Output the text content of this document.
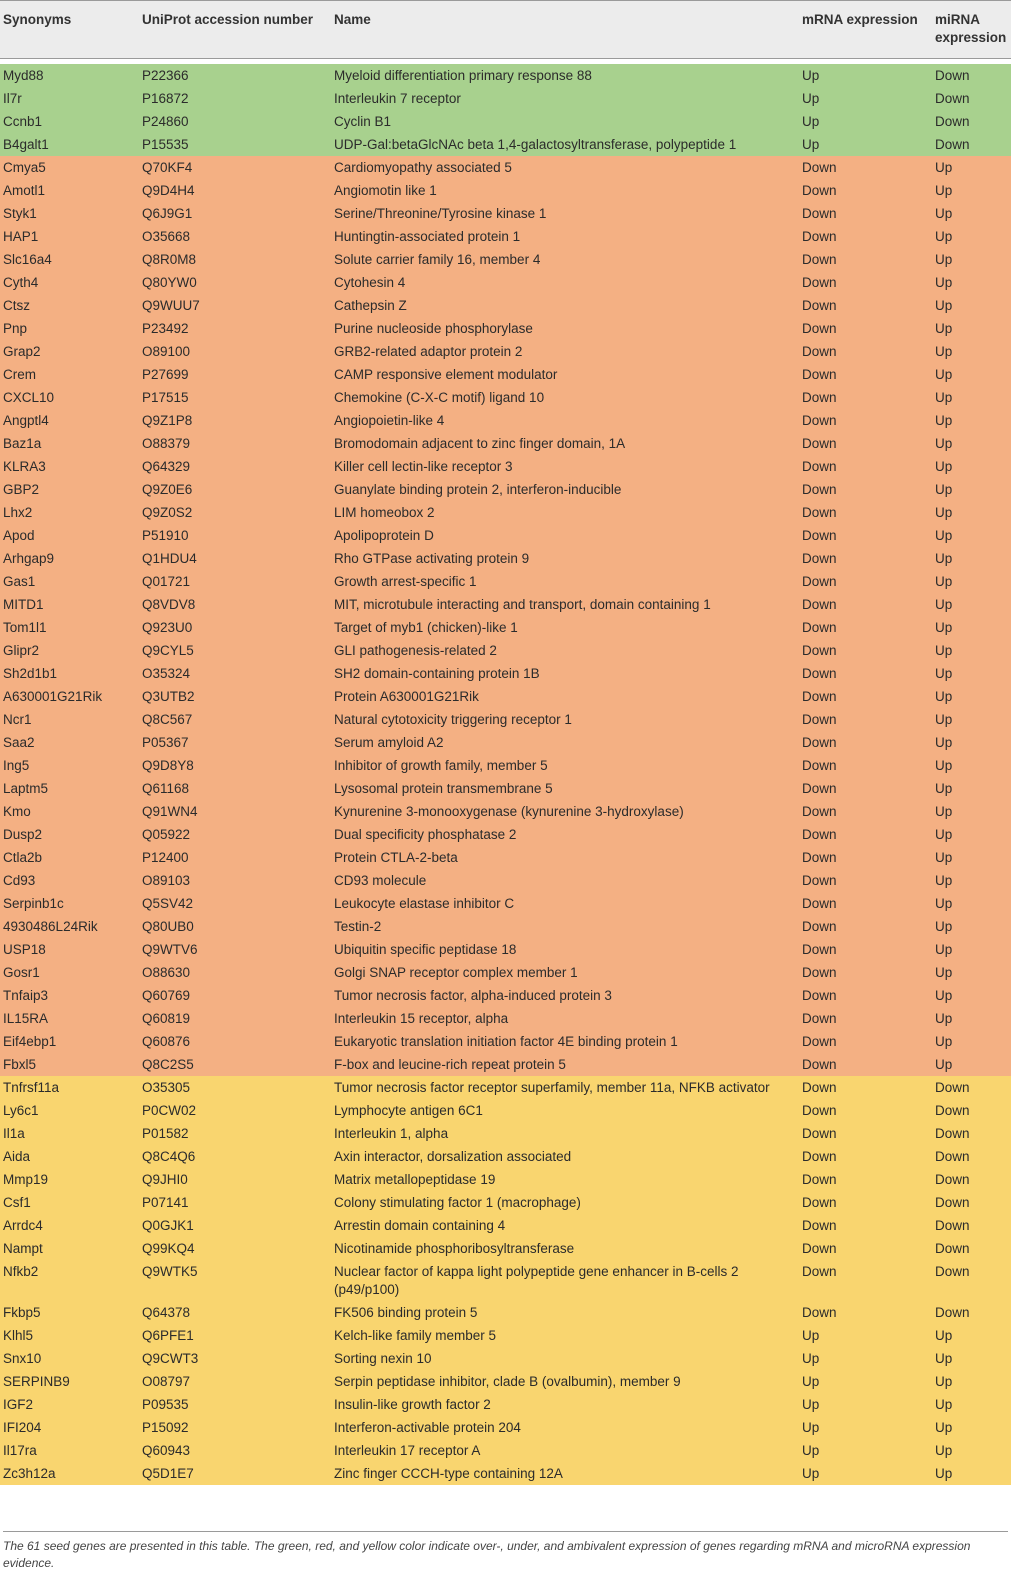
Synonyms	UniProt accession number	Name	mRNA expression	miRNA expression

Myd88	P22366	Myeloid differentiation primary response 88	Up	Down
Il7r	P16872	Interleukin 7 receptor	Up	Down
Ccnb1	P24860	Cyclin B1	Up	Down
B4galt1	P15535	UDP-Gal:betaGlcNAc beta 1,4-galactosyltransferase, polypeptide 1	Up	Down
Cmya5	Q70KF4	Cardiomyopathy associated 5	Down	Up
Amotl1	Q9D4H4	Angiomotin like 1	Down	Up
Styk1	Q6J9G1	Serine/Threonine/Tyrosine kinase 1	Down	Up
HAP1	O35668	Huntingtin-associated protein 1	Down	Up
Slc16a4	Q8R0M8	Solute carrier family 16, member 4	Down	Up
Cyth4	Q80YW0	Cytohesin 4	Down	Up
Ctsz	Q9WUU7	Cathepsin Z	Down	Up
Pnp	P23492	Purine nucleoside phosphorylase	Down	Up
Grap2	O89100	GRB2-related adaptor protein 2	Down	Up
Crem	P27699	CAMP responsive element modulator	Down	Up
CXCL10	P17515	Chemokine (C-X-C motif) ligand 10	Down	Up
Angptl4	Q9Z1P8	Angiopoietin-like 4	Down	Up
Baz1a	O88379	Bromodomain adjacent to zinc finger domain, 1A	Down	Up
KLRA3	Q64329	Killer cell lectin-like receptor 3	Down	Up
GBP2	Q9Z0E6	Guanylate binding protein 2, interferon-inducible	Down	Up
Lhx2	Q9Z0S2	LIM homeobox 2	Down	Up
Apod	P51910	Apolipoprotein D	Down	Up
Arhgap9	Q1HDU4	Rho GTPase activating protein 9	Down	Up
Gas1	Q01721	Growth arrest-specific 1	Down	Up
MITD1	Q8VDV8	MIT, microtubule interacting and transport, domain containing 1	Down	Up
Tom1l1	Q923U0	Target of myb1 (chicken)-like 1	Down	Up
Glipr2	Q9CYL5	GLI pathogenesis-related 2	Down	Up
Sh2d1b1	O35324	SH2 domain-containing protein 1B	Down	Up
A630001G21Rik	Q3UTB2	Protein A630001G21Rik	Down	Up
Ncr1	Q8C567	Natural cytotoxicity triggering receptor 1	Down	Up
Saa2	P05367	Serum amyloid A2	Down	Up
Ing5	Q9D8Y8	Inhibitor of growth family, member 5	Down	Up
Laptm5	Q61168	Lysosomal protein transmembrane 5	Down	Up
Kmo	Q91WN4	Kynurenine 3-monooxygenase (kynurenine 3-hydroxylase)	Down	Up
Dusp2	Q05922	Dual specificity phosphatase 2	Down	Up
Ctla2b	P12400	Protein CTLA-2-beta	Down	Up
Cd93	O89103	CD93 molecule	Down	Up
Serpinb1c	Q5SV42	Leukocyte elastase inhibitor C	Down	Up
4930486L24Rik	Q80UB0	Testin-2	Down	Up
USP18	Q9WTV6	Ubiquitin specific peptidase 18	Down	Up
Gosr1	O88630	Golgi SNAP receptor complex member 1	Down	Up
Tnfaip3	Q60769	Tumor necrosis factor, alpha-induced protein 3	Down	Up
IL15RA	Q60819	Interleukin 15 receptor, alpha	Down	Up
Eif4ebp1	Q60876	Eukaryotic translation initiation factor 4E binding protein 1	Down	Up
Fbxl5	Q8C2S5	F-box and leucine-rich repeat protein 5	Down	Up
Tnfrsf11a	O35305	Tumor necrosis factor receptor superfamily, member 11a, NFKB activator	Down	Down
Ly6c1	P0CW02	Lymphocyte antigen 6C1	Down	Down
Il1a	P01582	Interleukin 1, alpha	Down	Down
Aida	Q8C4Q6	Axin interactor, dorsalization associated	Down	Down
Mmp19	Q9JHI0	Matrix metallopeptidase 19	Down	Down
Csf1	P07141	Colony stimulating factor 1 (macrophage)	Down	Down
Arrdc4	Q0GJK1	Arrestin domain containing 4	Down	Down
Nampt	Q99KQ4	Nicotinamide phosphoribosyltransferase	Down	Down
Nfkb2	Q9WTK5	Nuclear factor of kappa light polypeptide gene enhancer in B-cells 2 (p49/p100)	Down	Down
Fkbp5	Q64378	FK506 binding protein 5	Down	Down
Klhl5	Q6PFE1	Kelch-like family member 5	Up	Up
Snx10	Q9CWT3	Sorting nexin 10	Up	Up
SERPINB9	O08797	Serpin peptidase inhibitor, clade B (ovalbumin), member 9	Up	Up
IGF2	P09535	Insulin-like growth factor 2	Up	Up
IFI204	P15092	Interferon-activable protein 204	Up	Up
Il17ra	Q60943	Interleukin 17 receptor A	Up	Up
Zc3h12a	Q5D1E7	Zinc finger CCCH-type containing 12A	Up	Up
The 61 seed genes are presented in this table. The green, red, and yellow color indicate over-, under, and ambivalent expression of genes regarding mRNA and microRNA expression evidence.
